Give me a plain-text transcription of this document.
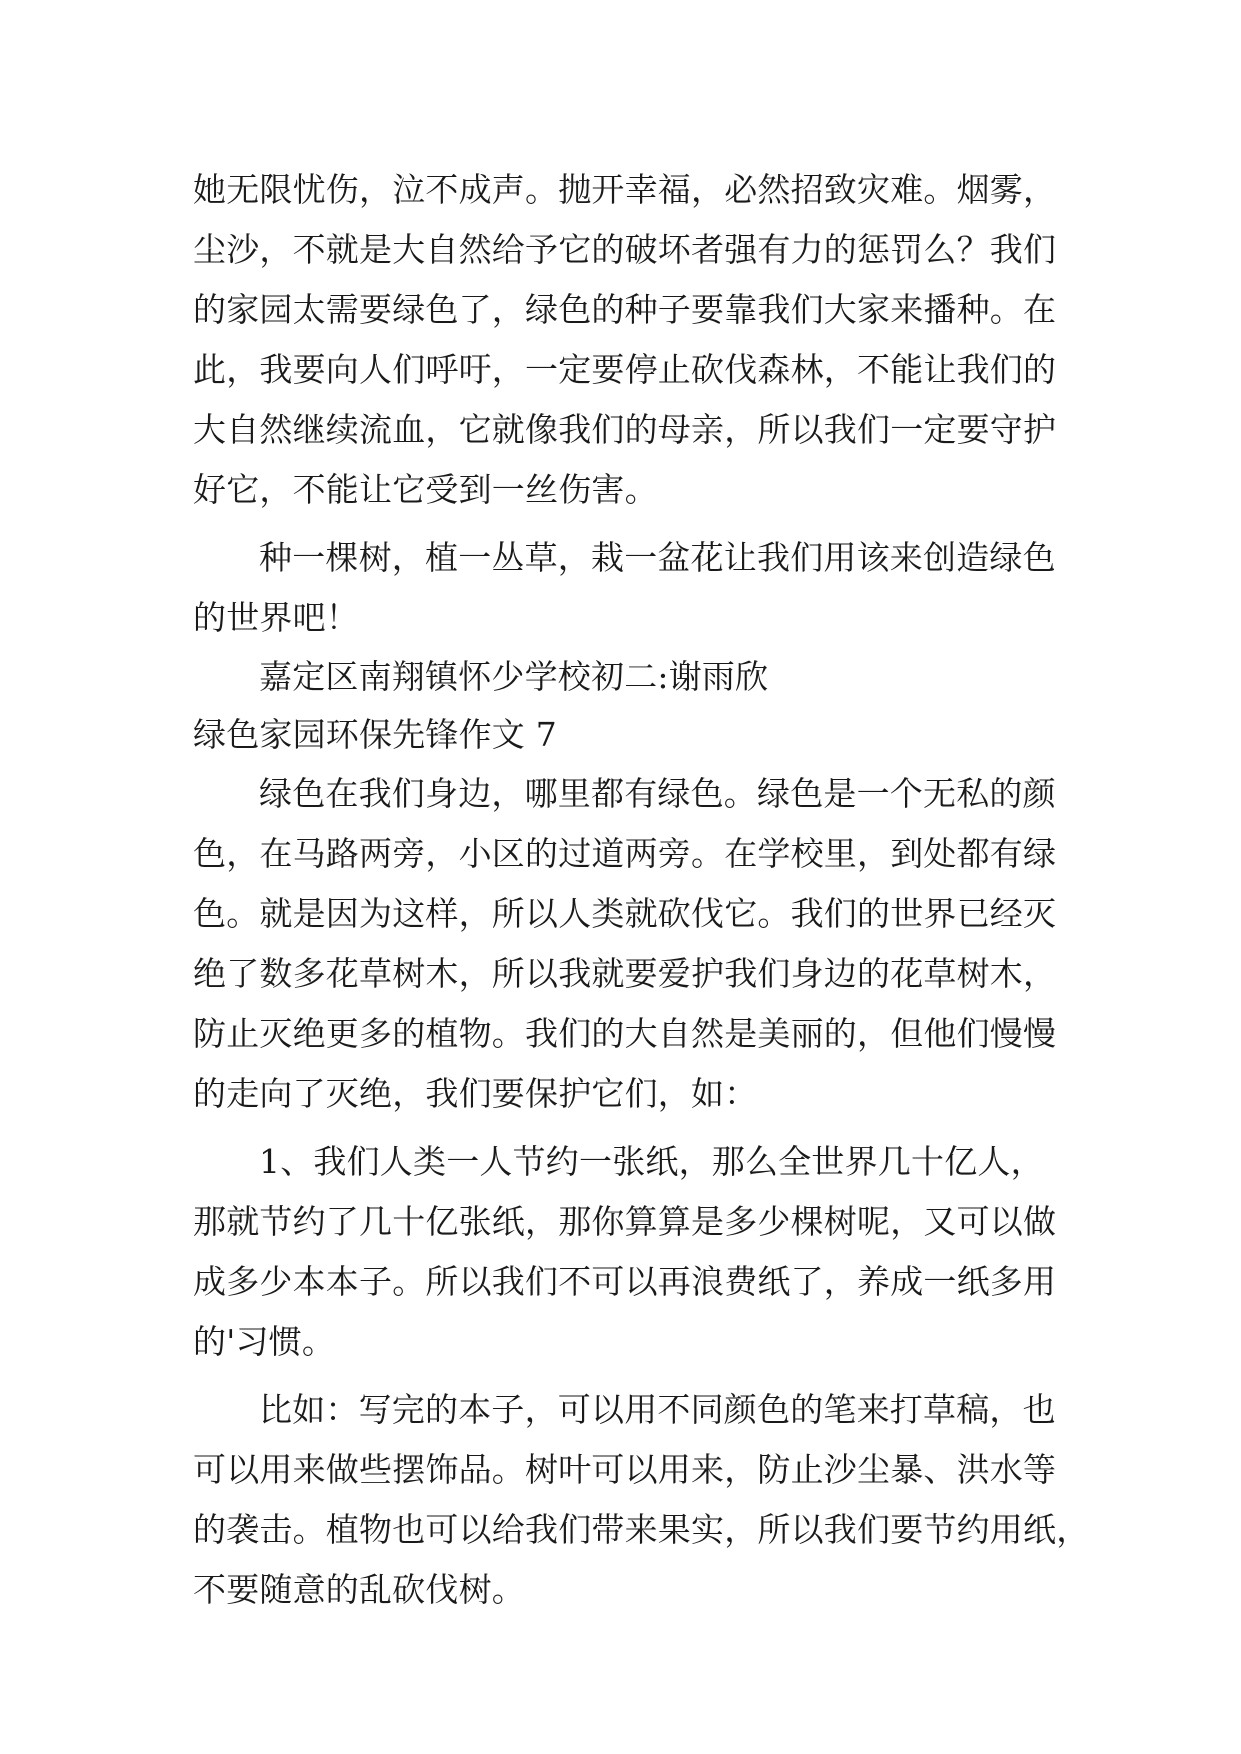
她无限忧伤，泣不成声。抛开幸福，必然招致灾难。烟雾，
尘沙，不就是大自然给予它的破坏者强有力的惩罚么？我们
的家园太需要绿色了，绿色的种子要靠我们大家来播种。在
此，我要向人们呼吁，一定要停止砍伐森林，不能让我们的
大自然继续流血，它就像我们的母亲，所以我们一定要守护
好它，不能让它受到一丝伤害。
种一棵树，植一丛草，栽一盆花让我们用该来创造绿色
的世界吧！
嘉定区南翔镇怀少学校初二:谢雨欣
绿色家园环保先锋作文 7
绿色在我们身边，哪里都有绿色。绿色是一个无私的颜
色，在马路两旁，小区的过道两旁。在学校里，到处都有绿
色。就是因为这样，所以人类就砍伐它。我们的世界已经灭
绝了数多花草树木，所以我就要爱护我们身边的花草树木，
防止灭绝更多的植物。我们的大自然是美丽的，但他们慢慢
的走向了灭绝，我们要保护它们，如：
1、我们人类一人节约一张纸，那么全世界几十亿人，
那就节约了几十亿张纸，那你算算是多少棵树呢，又可以做
成多少本本子。所以我们不可以再浪费纸了，养成一纸多用
的'习惯。
比如：写完的本子，可以用不同颜色的笔来打草稿，也
可以用来做些摆饰品。树叶可以用来，防止沙尘暴、洪水等
的袭击。植物也可以给我们带来果实，所以我们要节约用纸，
不要随意的乱砍伐树。
